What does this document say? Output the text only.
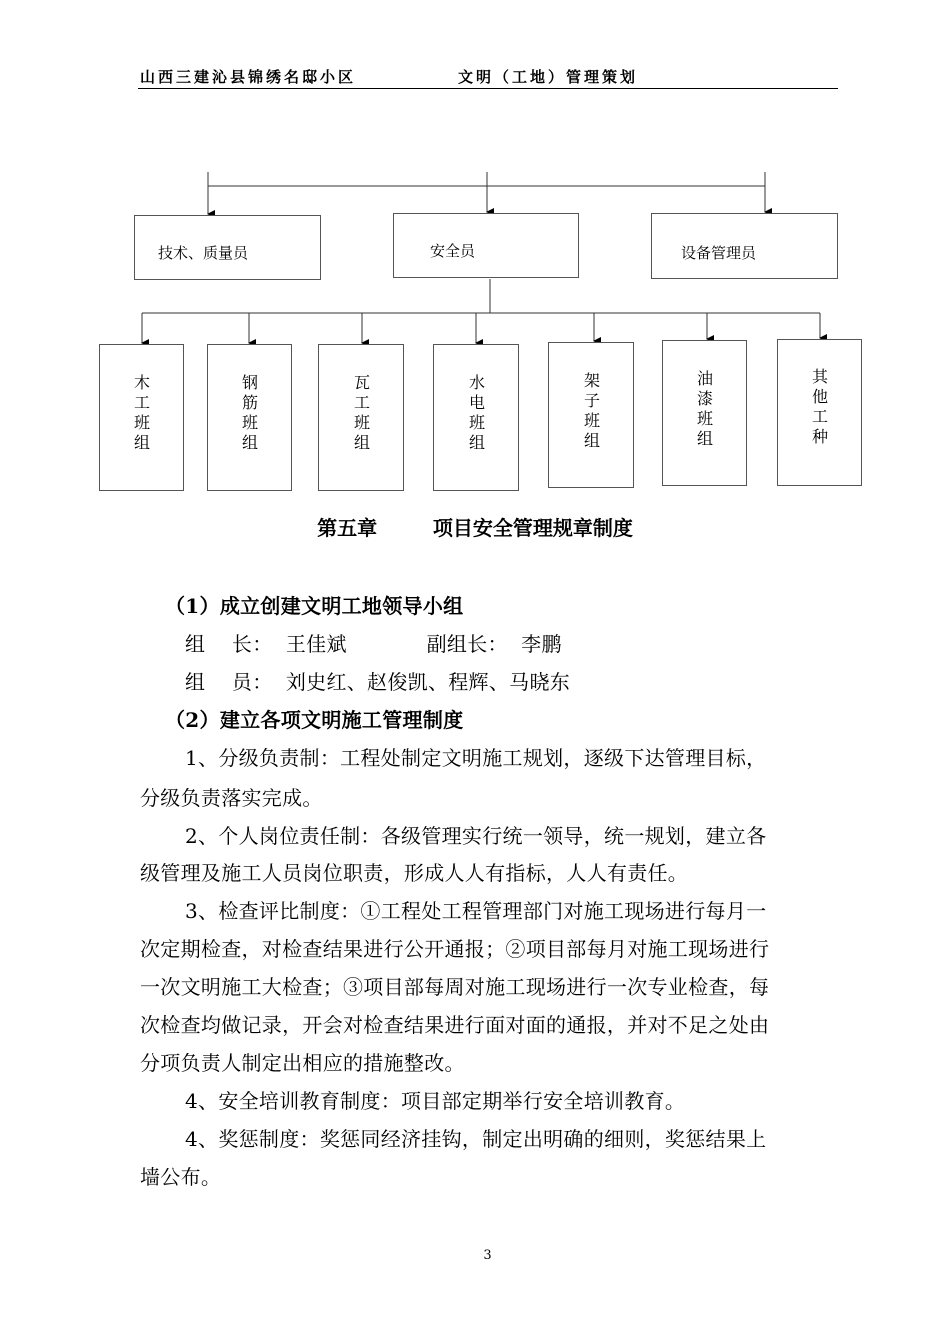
山西三建沁县锦绣名邸小区	文明（工地）管理策划
技术、质量员	安全员	设备管理员
木工班组
钢筋班组
瓦工班组
水电班组
架子班组
油漆班组
其他工种
第五章        项目安全管理规章制度
（1）成立创建文明工地领导小组
组    长：  王佳斌            副组长：  李鹏
组    员：  刘史红、赵俊凯、程辉、马晓东
（2）建立各项文明施工管理制度
1、分级负责制：工程处制定文明施工规划，逐级下达管理目标，
分级负责落实完成。
2、个人岗位责任制：各级管理实行统一领导，统一规划，建立各
级管理及施工人员岗位职责，形成人人有指标，人人有责任。
3、检查评比制度：①工程处工程管理部门对施工现场进行每月一
次定期检查，对检查结果进行公开通报；②项目部每月对施工现场进行
一次文明施工大检查；③项目部每周对施工现场进行一次专业检查，每
次检查均做记录，开会对检查结果进行面对面的通报，并对不足之处由
分项负责人制定出相应的措施整改。
4、安全培训教育制度：项目部定期举行安全培训教育。
4、奖惩制度：奖惩同经济挂钩，制定出明确的细则，奖惩结果上
墙公布。
3
